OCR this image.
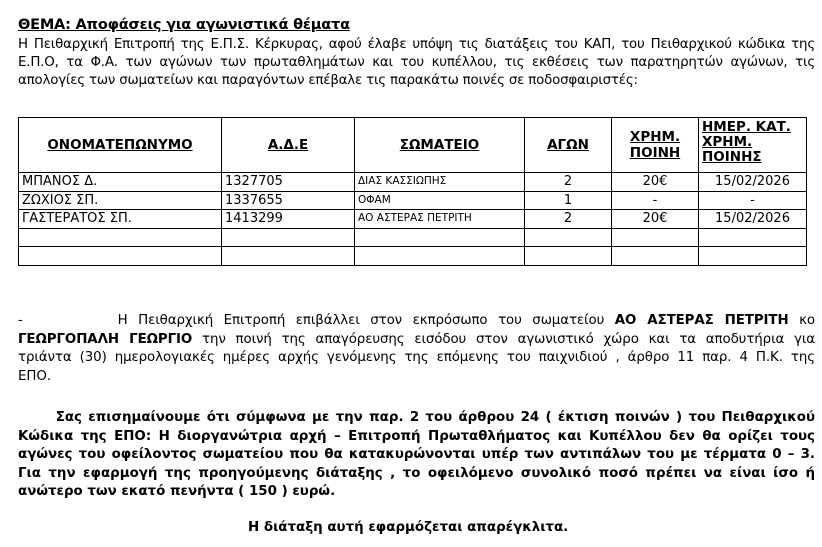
ΘΕΜΑ: Αποφάσεις για αγωνιστικά θέματα
Η Πειθαρχική Επιτροπή της Ε.Π.Σ. Κέρκυρας, αφού έλαβε υπόψη τις διατάξεις του ΚΑΠ, του Πειθαρχικού κώδικα της
Ε.Π.Ο, τα Φ.Α. των αγώνων των πρωταθλημάτων και του κυπέλλου, τις εκθέσεις των παρατηρητών αγώνων, τις
απολογίες των σωματείων και παραγόντων επέβαλε τις παρακάτω ποινές σε ποδοσφαιριστές:
ΟΝΟΜΑΤΕΠΩΝΥΜΟ	Α.Δ.Ε	ΣΩΜΑΤΕΙΟ	ΑΓΩΝ	ΧΡΗΜ. ΠΟΙΝΗ	ΗΜΕΡ. ΚΑΤ. ΧΡΗΜ. ΠΟΙΝΗΣ
ΜΠΑΝΟΣ Δ.	1327705	ΔΙΑΣ ΚΑΣΣΙΩΠΗΣ	2	20€	15/02/2026
ΖΩΧΙΟΣ ΣΠ.	1337655	ΟΦΑΜ	1	-	-
ΓΑΣΤΕΡΑΤΟΣ ΣΠ.	1413299	ΑΟ ΑΣΤΕΡΑΣ ΠΕΤΡΙΤΗ	2	20€	15/02/2026

-         Η Πειθαρχική Επιτροπή επιβάλλει στον εκπρόσωπο του σωματείου ΑΟ ΑΣΤΕΡΑΣ ΠΕΤΡΙΤΗ κο
ΓΕΩΡΓΟΠΑΛΗ ΓΕΩΡΓΙΟ την ποινή της απαγόρευσης εισόδου στον αγωνιστικό χώρο και τα αποδυτήρια για
τριάντα (30) ημερολογιακές ημέρες αρχής γενόμενης της επόμενης του παιχνιδιού , άρθρο 11 παρ. 4 Π.Κ. της
ΕΠΟ.
Σας επισημαίνουμε ότι σύμφωνα με την παρ. 2 του άρθρου 24 ( έκτιση ποινών ) του Πειθαρχικού
Κώδικα της ΕΠΟ: Η διοργανώτρια αρχή – Επιτροπή Πρωταθλήματος και Κυπέλλου δεν θα ορίζει τους
αγώνες του οφείλοντος σωματείου που θα κατακυρώνονται υπέρ των αντιπάλων του με τέρματα 0 – 3.
Για την εφαρμογή της προηγούμενης διάταξης , το οφειλόμενο συνολικό ποσό πρέπει να είναι ίσο ή
ανώτερο των εκατό πενήντα ( 150 ) ευρώ.
Η διάταξη αυτή εφαρμόζεται απαρέγκλιτα.
